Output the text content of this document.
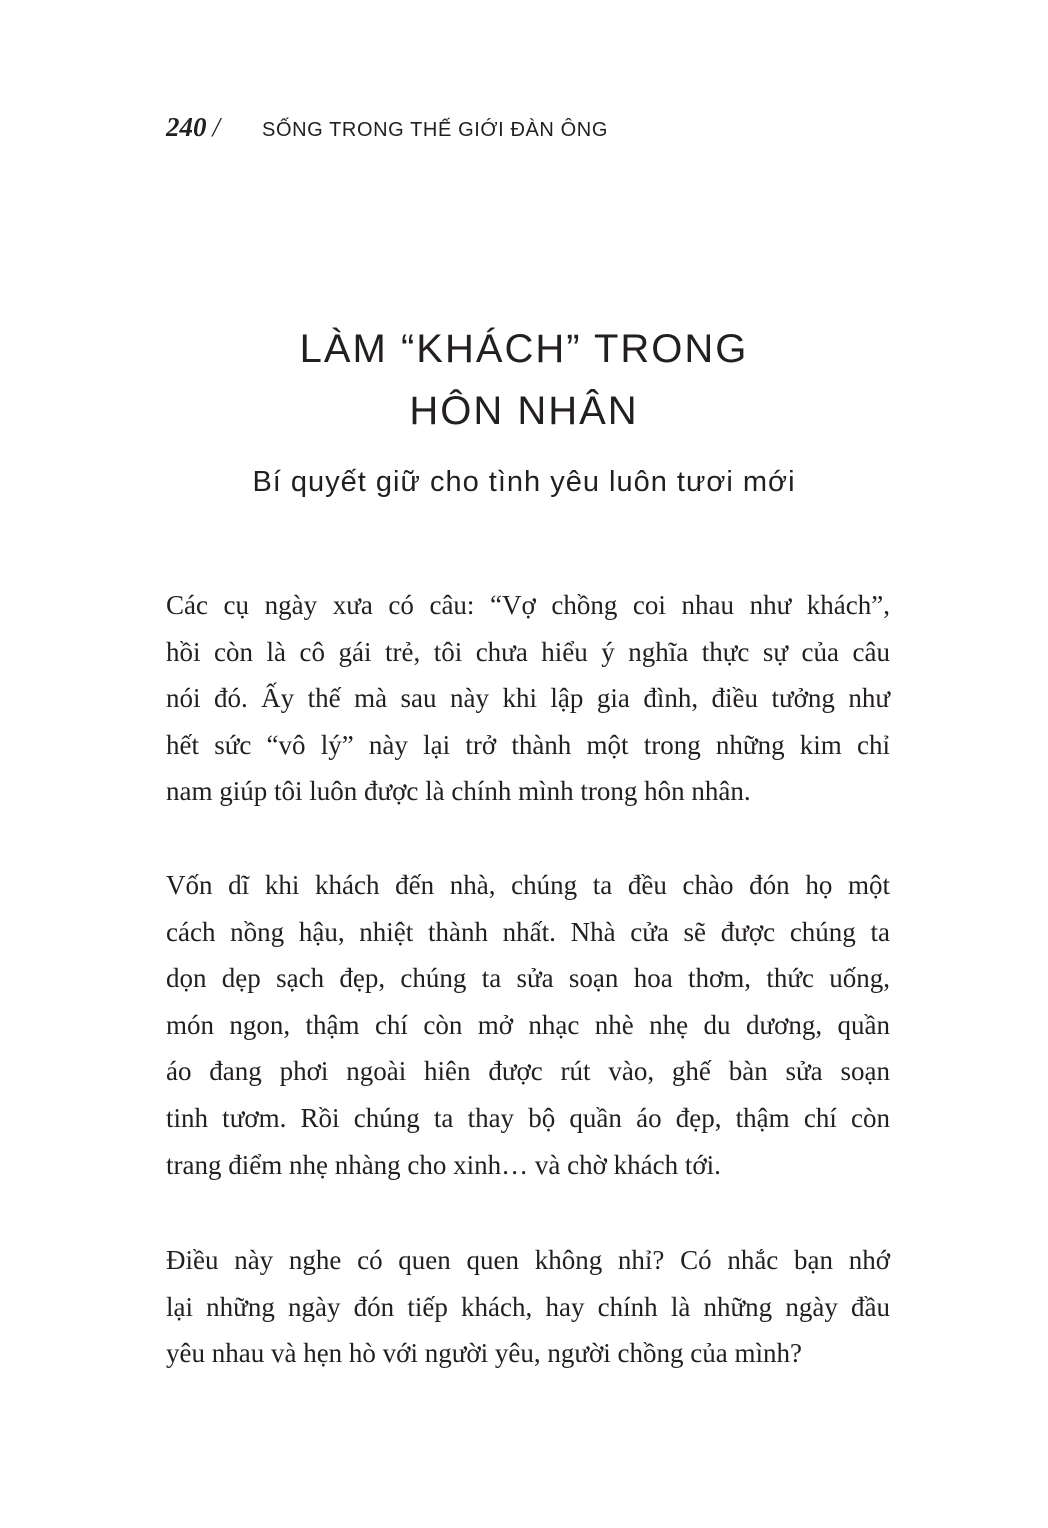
240 / SỐNG TRONG THẾ GIỚI ĐÀN ÔNG
LÀM “KHÁCH” TRONG
HÔN NHÂN
Bí quyết giữ cho tình yêu luôn tươi mới
Các cụ ngày xưa có câu: “Vợ chồng coi nhau như khách”,
hồi còn là cô gái trẻ, tôi chưa hiểu ý nghĩa thực sự của câu
nói đó. Ấy thế mà sau này khi lập gia đình, điều tưởng như
hết sức “vô lý” này lại trở thành một trong những kim chỉ
nam giúp tôi luôn được là chính mình trong hôn nhân.
Vốn dĩ khi khách đến nhà, chúng ta đều chào đón họ một
cách nồng hậu, nhiệt thành nhất. Nhà cửa sẽ được chúng ta
dọn dẹp sạch đẹp, chúng ta sửa soạn hoa thơm, thức uống,
món ngon, thậm chí còn mở nhạc nhè nhẹ du dương, quần
áo đang phơi ngoài hiên được rút vào, ghế bàn sửa soạn
tinh tươm. Rồi chúng ta thay bộ quần áo đẹp, thậm chí còn
trang điểm nhẹ nhàng cho xinh… và chờ khách tới.
Điều này nghe có quen quen không nhỉ? Có nhắc bạn nhớ
lại những ngày đón tiếp khách, hay chính là những ngày đầu
yêu nhau và hẹn hò với người yêu, người chồng của mình?
